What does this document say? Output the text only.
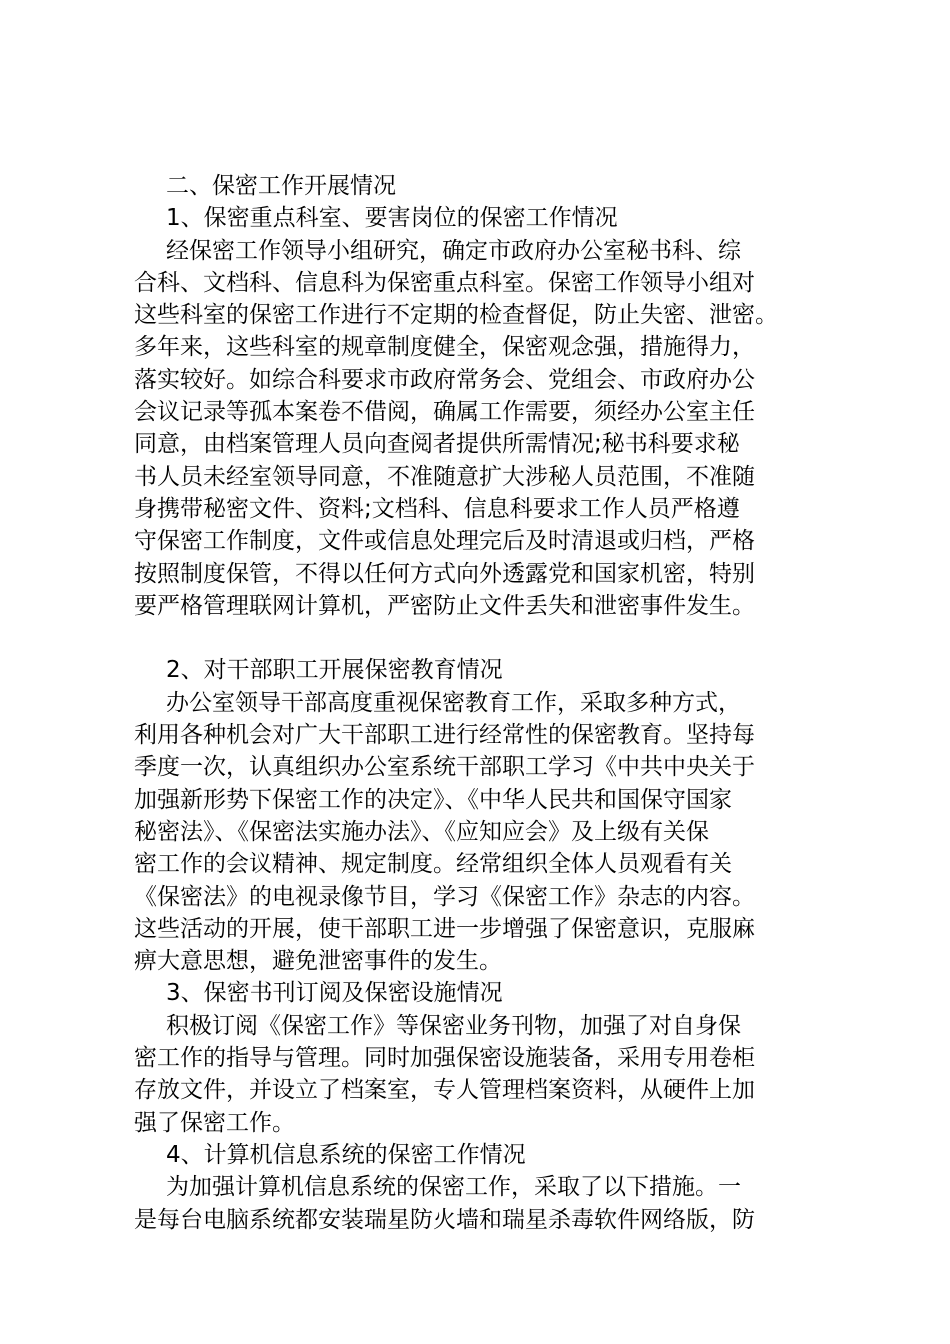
二、保密工作开展情况
1、保密重点科室、要害岗位的保密工作情况
经保密工作领导小组研究，确定市政府办公室秘书科、综
合科、文档科、信息科为保密重点科室。保密工作领导小组对
这些科室的保密工作进行不定期的检查督促，防止失密、泄密。
多年来，这些科室的规章制度健全，保密观念强，措施得力，
落实较好。如综合科要求市政府常务会、党组会、市政府办公
会议记录等孤本案卷不借阅，确属工作需要，须经办公室主任
同意，由档案管理人员向查阅者提供所需情况;秘书科要求秘
书人员未经室领导同意，不准随意扩大涉秘人员范围，不准随
身携带秘密文件、资料;文档科、信息科要求工作人员严格遵
守保密工作制度，文件或信息处理完后及时清退或归档，严格
按照制度保管，不得以任何方式向外透露党和国家机密，特别
要严格管理联网计算机，严密防止文件丢失和泄密事件发生。
2、对干部职工开展保密教育情况
办公室领导干部高度重视保密教育工作，采取多种方式，
利用各种机会对广大干部职工进行经常性的保密教育。坚持每
季度一次，认真组织办公室系统干部职工学习《中共中央关于
加强新形势下保密工作的决定》、《中华人民共和国保守国家
秘密法》、《保密法实施办法》、《应知应会》及上级有关保
密工作的会议精神、规定制度。经常组织全体人员观看有关
《保密法》的电视录像节目，学习《保密工作》杂志的内容。
这些活动的开展，使干部职工进一步增强了保密意识，克服麻
痹大意思想，避免泄密事件的发生。
3、保密书刊订阅及保密设施情况
积极订阅《保密工作》等保密业务刊物，加强了对自身保
密工作的指导与管理。同时加强保密设施装备，采用专用卷柜
存放文件，并设立了档案室，专人管理档案资料，从硬件上加
强了保密工作。
4、计算机信息系统的保密工作情况
为加强计算机信息系统的保密工作，采取了以下措施。一
是每台电脑系统都安装瑞星防火墙和瑞星杀毒软件网络版，防
